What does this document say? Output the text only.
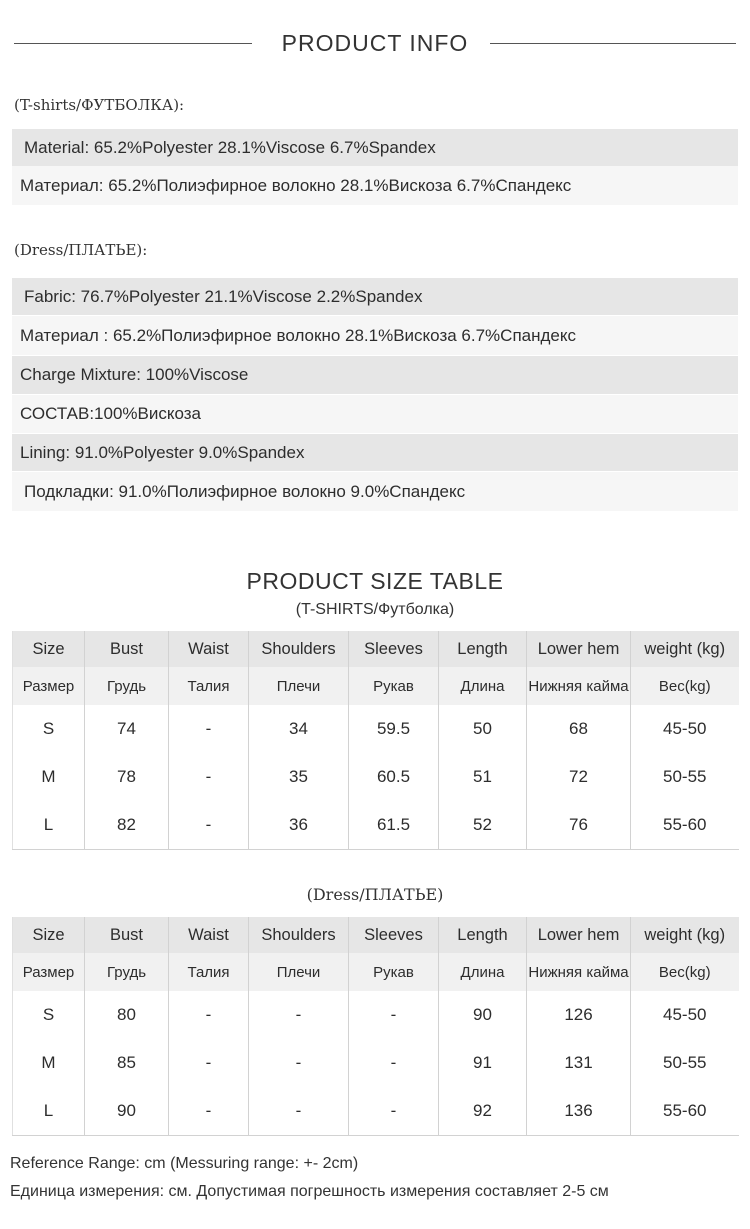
PRODUCT INFO
(T-shirts/ФУТБОЛКА):
Material: 65.2%Polyester 28.1%Viscose 6.7%Spandex
Материал: 65.2%Полиэфирное волокно 28.1%Вискоза 6.7%Спандекс
(Dress/ПЛАТЬЕ):
Fabric: 76.7%Polyester 21.1%Viscose 2.2%Spandex
Материал : 65.2%Полиэфирное волокно 28.1%Вискоза 6.7%Спандекс
Charge Mixture: 100%Viscose
СОСТАВ:100%Вискоза
Lining: 91.0%Polyester 9.0%Spandex
Подкладки: 91.0%Полиэфирное волокно 9.0%Спандекс
PRODUCT SIZE TABLE
(T-SHIRTS/Футболка)
Size	Bust	Waist	Shoulders	Sleeves	Length	Lower hem	weight (kg)
Размер	Грудь	Талия	Плечи	Рукав	Длина	Нижняя кайма	Вес(kg)
S	74	-	34	59.5	50	68	45-50
M	78	-	35	60.5	51	72	50-55
L	82	-	36	61.5	52	76	55-60
(Dress/ПЛАТЬЕ)
Size	Bust	Waist	Shoulders	Sleeves	Length	Lower hem	weight (kg)
Размер	Грудь	Талия	Плечи	Рукав	Длина	Нижняя кайма	Вес(kg)
S	80	-	-	-	90	126	45-50
M	85	-	-	-	91	131	50-55
L	90	-	-	-	92	136	55-60
Reference Range: cm (Messuring range: +- 2cm)
Единица измерения: см. Допустимая погрешность измерения составляет 2-5 см
